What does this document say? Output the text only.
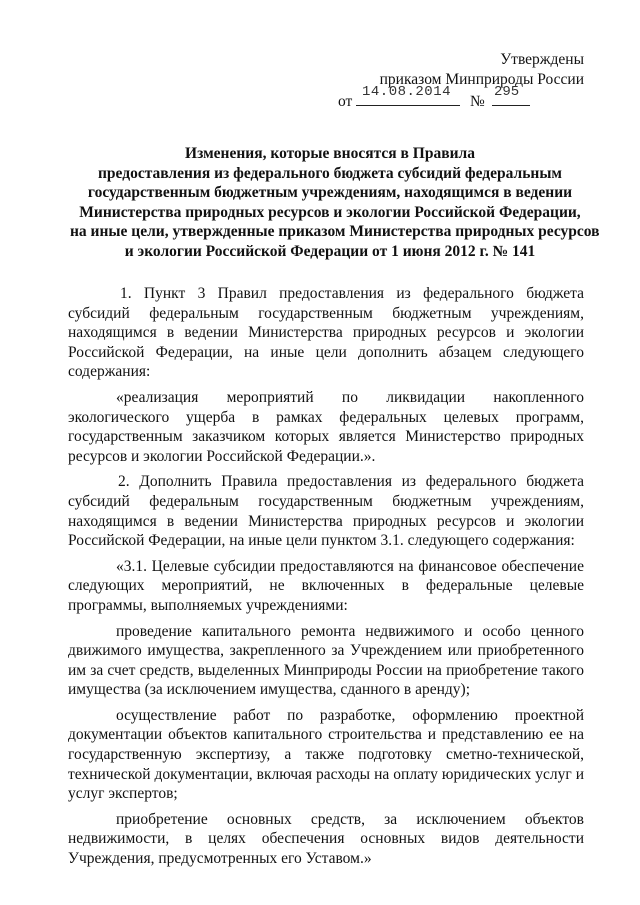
Утверждены
приказом Минприроды России
от
14.08.2014
№
295
Изменения, которые вносятся в Правила
предоставления из федерального бюджета субсидий федеральным
государственным бюджетным учреждениям, находящимся в ведении
Министерства природных ресурсов и экологии Российской Федерации,
на иные цели, утвержденные приказом Министерства природных ресурсов
и экологии Российской Федерации от 1 июня 2012 г. № 141

1. Пункт 3 Правил предоставления из федерального бюджета субсидий федеральным государственным бюджетным учреждениям, находящимся в ведении Министерства природных ресурсов и экологии Российской Федерации, на иные цели дополнить абзацем следующего содержания:

«реализация мероприятий по ликвидации накопленного экологического ущерба в рамках федеральных целевых программ, государственным заказчиком которых является Министерство природных ресурсов и экологии Российской Федерации.».

2. Дополнить Правила предоставления из федерального бюджета субсидий федеральным государственным бюджетным учреждениям, находящимся в ведении Министерства природных ресурсов и экологии Российской Федерации, на иные цели пунктом 3.1. следующего содержания:

«3.1. Целевые субсидии предоставляются на финансовое обеспечение следующих мероприятий, не включенных в федеральные целевые программы, выполняемых учреждениями:

проведение капитального ремонта недвижимого и особо ценного движимого имущества, закрепленного за Учреждением или приобретенного им за счет средств, выделенных Минприроды России на приобретение такого имущества (за исключением имущества, сданного в аренду);

осуществление работ по разработке, оформлению проектной документации объектов капитального строительства и представлению ее на государственную экспертизу, а также подготовку сметно-технической, технической документации, включая расходы на оплату юридических услуг и услуг экспертов;

приобретение основных средств, за исключением объектов недвижимости, в целях обеспечения основных видов деятельности Учреждения, предусмотренных его Уставом.»
